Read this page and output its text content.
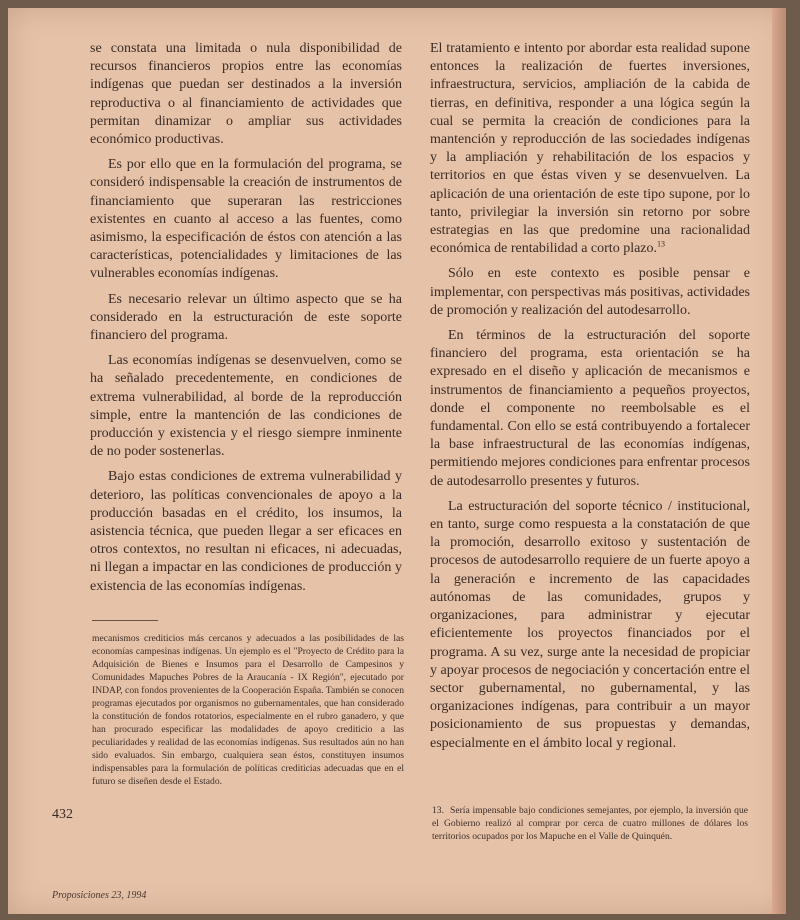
se constata una limitada o nula disponibilidad de recursos financieros propios entre las economías indígenas que puedan ser destinados a la inversión reproductiva o al financiamiento de actividades que permitan dinamizar o ampliar sus actividades económico productivas.

Es por ello que en la formulación del programa, se consideró indispensable la creación de instrumentos de financiamiento que superaran las restricciones existentes en cuanto al acceso a las fuentes, como asimismo, la especificación de éstos con atención a las características, potencialidades y limitaciones de las vulnerables economías indígenas.

Es necesario relevar un último aspecto que se ha considerado en la estructuración de este soporte financiero del programa.

Las economías indígenas se desenvuelven, como se ha señalado precedentemente, en condiciones de extrema vulnerabilidad, al borde de la reproducción simple, entre la mantención de las condiciones de producción y existencia y el riesgo siempre inminente de no poder sostenerlas.

Bajo estas condiciones de extrema vulnerabilidad y deterioro, las políticas convencionales de apoyo a la producción basadas en el crédito, los insumos, la asistencia técnica, que pueden llegar a ser eficaces en otros contextos, no resultan ni eficaces, ni adecuadas, ni llegan a impactar en las condiciones de producción y existencia de las economías indígenas.

El tratamiento e intento por abordar esta realidad supone entonces la realización de fuertes inversiones, infraestructura, servicios, ampliación de la cabida de tierras, en definitiva, responder a una lógica según la cual se permita la creación de condiciones para la mantención y reproducción de las sociedades indígenas y la ampliación y rehabilitación de los espacios y territorios en que éstas viven y se desenvuelven. La aplicación de una orientación de este tipo supone, por lo tanto, privilegiar la inversión sin retorno por sobre estrategias en las que predomine una racionalidad económica de rentabilidad a corto plazo.$^{13}$

Sólo en este contexto es posible pensar e implementar, con perspectivas más positivas, actividades de promoción y realización del autodesarrollo.

En términos de la estructuración del soporte financiero del programa, esta orientación se ha expresado en el diseño y aplicación de mecanismos e instrumentos de financiamiento a pequeños proyectos, donde el componente no reembolsable es el fundamental. Con ello se está contribuyendo a fortalecer la base infraestructural de las economías indígenas, permitiendo mejores condiciones para enfrentar procesos de autodesarrollo presentes y futuros.

La estructuración del soporte técnico / institucional, en tanto, surge como respuesta a la constatación de que la promoción, desarrollo exitoso y sustentación de procesos de autodesarrollo requiere de un fuerte apoyo a la generación e incremento de las capacidades autónomas de las comunidades, grupos y organizaciones, para administrar y ejecutar eficientemente los proyectos financiados por el programa. A su vez, surge ante la necesidad de propiciar y apoyar procesos de negociación y concertación entre el sector gubernamental, no gubernamental, y las organizaciones indígenas, para contribuir a un mayor posicionamiento de sus propuestas y demandas, especialmente en el ámbito local y regional.

mecanismos crediticios más cercanos y adecuados a las posibilidades de las economías campesinas indígenas. Un ejemplo es el "Proyecto de Crédito para la Adquisición de Bienes e Insumos para el Desarrollo de Campesinos y Comunidades Mapuches Pobres de la Araucanía - IX Región", ejecutado por INDAP, con fondos provenientes de la Cooperación España. También se conocen programas ejecutados por organismos no gubernamentales, que han considerado la constitución de fondos rotatorios, especialmente en el rubro ganadero, y que han procurado especificar las modalidades de apoyo crediticio a las peculiaridades y realidad de las economías indígenas. Sus resultados aún no han sido evaluados. Sin embargo, cualquiera sean éstos, constituyen insumos indispensables para la formulación de políticas crediticias adecuadas que en el futuro se diseñen desde el Estado.
13. Sería impensable bajo condiciones semejantes, por ejemplo, la inversión que el Gobierno realizó al comprar por cerca de cuatro millones de dólares los territorios ocupados por los Mapuche en el Valle de Quinquén.
432
Proposiciones 23, 1994
